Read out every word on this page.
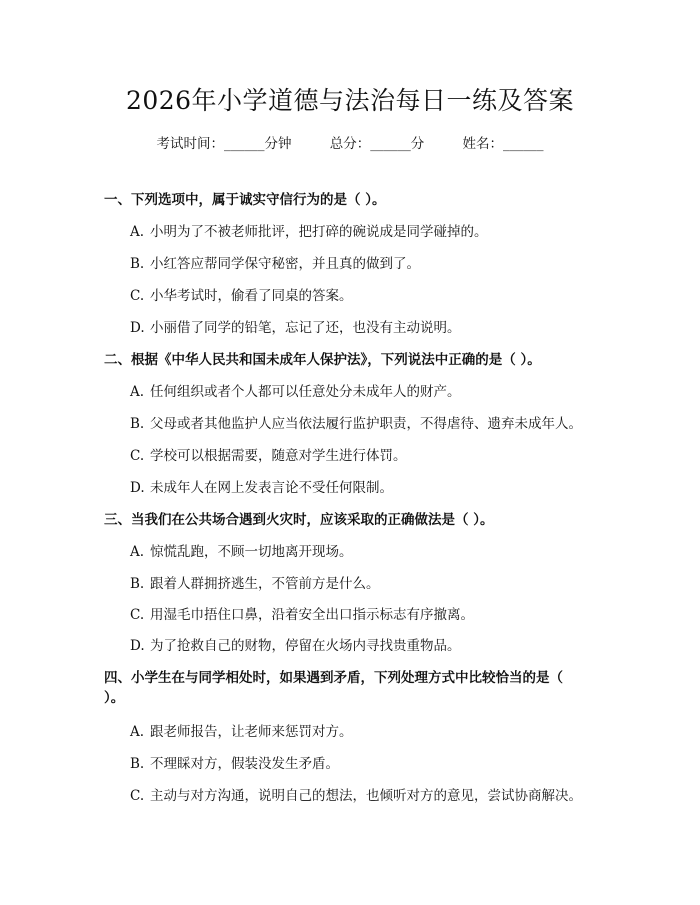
2026年小学道德与法治每日一练及答案
考试时间：______分钟	总分：______分	姓名：______
一、下列选项中，属于诚实守信行为的是（ ）。
A. 小明为了不被老师批评，把打碎的碗说成是同学碰掉的。
B. 小红答应帮同学保守秘密，并且真的做到了。
C. 小华考试时，偷看了同桌的答案。
D. 小丽借了同学的铅笔，忘记了还，也没有主动说明。
二、根据《中华人民共和国未成年人保护法》，下列说法中正确的是（ ）。
A. 任何组织或者个人都可以任意处分未成年人的财产。
B. 父母或者其他监护人应当依法履行监护职责，不得虐待、遗弃未成年人。
C. 学校可以根据需要，随意对学生进行体罚。
D. 未成年人在网上发表言论不受任何限制。
三、当我们在公共场合遇到火灾时，应该采取的正确做法是（ ）。
A. 惊慌乱跑，不顾一切地离开现场。
B. 跟着人群拥挤逃生，不管前方是什么。
C. 用湿毛巾捂住口鼻，沿着安全出口指示标志有序撤离。
D. 为了抢救自己的财物，停留在火场内寻找贵重物品。
四、小学生在与同学相处时，如果遇到矛盾，下列处理方式中比较恰当的是（ ）。
A. 跟老师报告，让老师来惩罚对方。
B. 不理睬对方，假装没发生矛盾。
C. 主动与对方沟通，说明自己的想法，也倾听对方的意见，尝试协商解决。
